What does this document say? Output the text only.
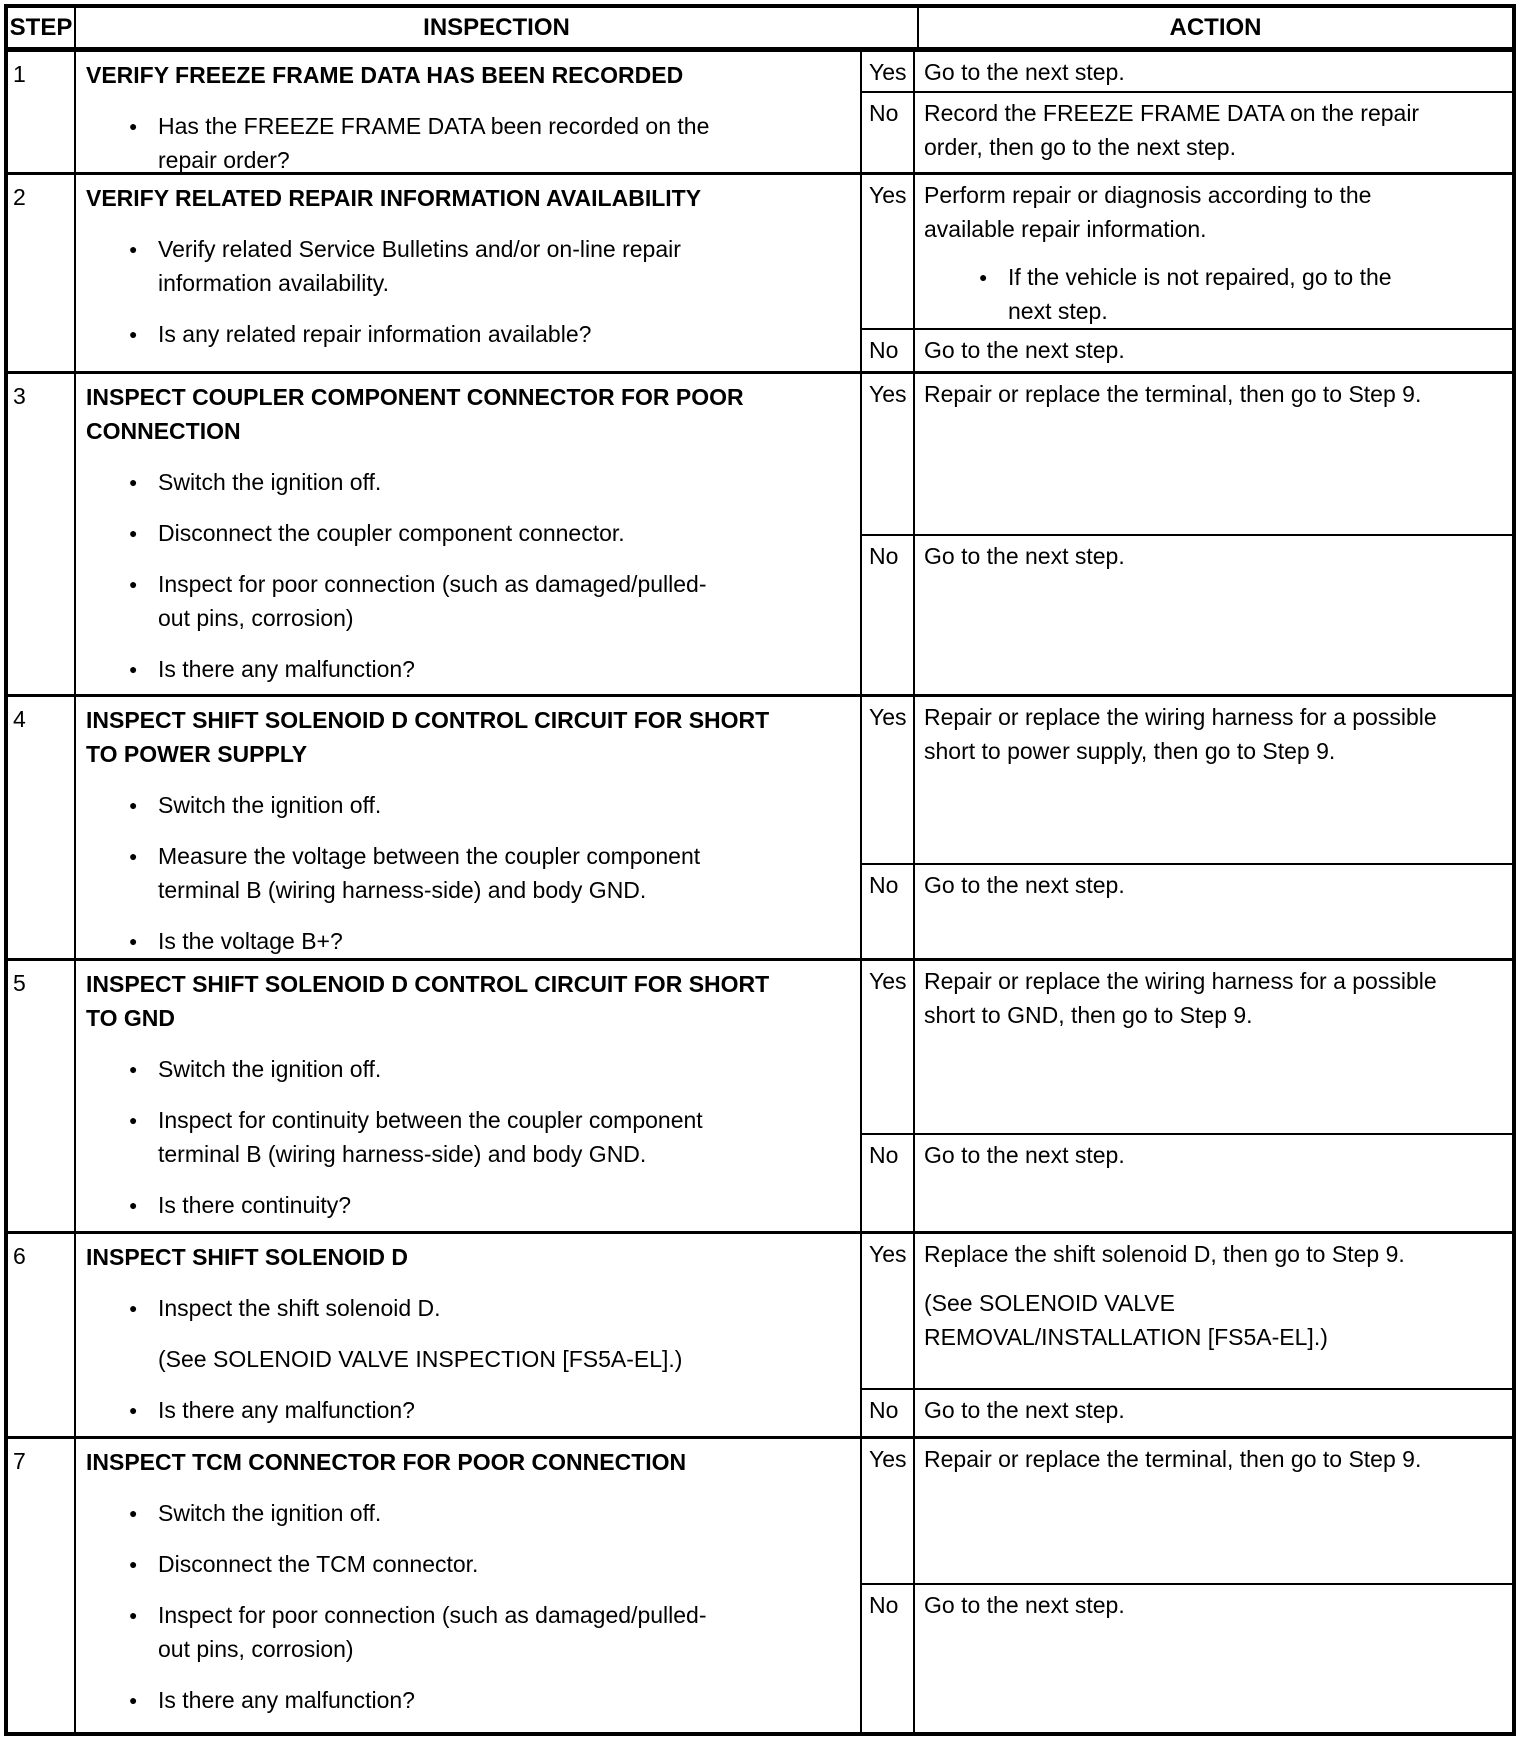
STEP	INSPECTION	ACTION
1	VERIFY FREEZE FRAME DATA HAS BEEN RECORDED
● Has the FREEZE FRAME DATA been recorded on the repair order?
Yes Go to the next step.

No	Record the FREEZE FRAME DATA on the repair order, then go to the next step.

2	VERIFY RELATED REPAIR INFORMATION AVAILABILITY
● Verify related Service Bulletins and/or on-line repair information availability.
● Is any related repair information available?
Yes Perform repair or diagnosis according to the available repair information.

● If the vehicle is not repaired, go to the next step.
No	Go to the next step.

3	INSPECT COUPLER COMPONENT CONNECTOR FOR POOR CONNECTION
● Switch the ignition off.
● Disconnect the coupler component connector.
● Inspect for poor connection (such as damaged/pulled-out pins, corrosion)
● Is there any malfunction?
Yes Repair or replace the terminal, then go to Step 9.

No	Go to the next step.

4	INSPECT SHIFT SOLENOID D CONTROL CIRCUIT FOR SHORT TO POWER SUPPLY
● Switch the ignition off.
● Measure the voltage between the coupler component terminal B (wiring harness-side) and body GND.
● Is the voltage B+?
Yes Repair or replace the wiring harness for a possible short to power supply, then go to Step 9.

No	Go to the next step.

5	INSPECT SHIFT SOLENOID D CONTROL CIRCUIT FOR SHORT TO GND
● Switch the ignition off.
● Inspect for continuity between the coupler component terminal B (wiring harness-side) and body GND.
● Is there continuity?
Yes Repair or replace the wiring harness for a possible short to GND, then go to Step 9.

No	Go to the next step.

6	INSPECT SHIFT SOLENOID D
● Inspect the shift solenoid D.
(See SOLENOID VALVE INSPECTION [FS5A-EL].)
● Is there any malfunction?
Yes Replace the shift solenoid D, then go to Step 9.

(See SOLENOID VALVE REMOVAL/INSTALLATION [FS5A-EL].)

No	Go to the next step.

7	INSPECT TCM CONNECTOR FOR POOR CONNECTION
● Switch the ignition off.
● Disconnect the TCM connector.
● Inspect for poor connection (such as damaged/pulled-out pins, corrosion)
● Is there any malfunction?
Yes Repair or replace the terminal, then go to Step 9.

No	Go to the next step.
